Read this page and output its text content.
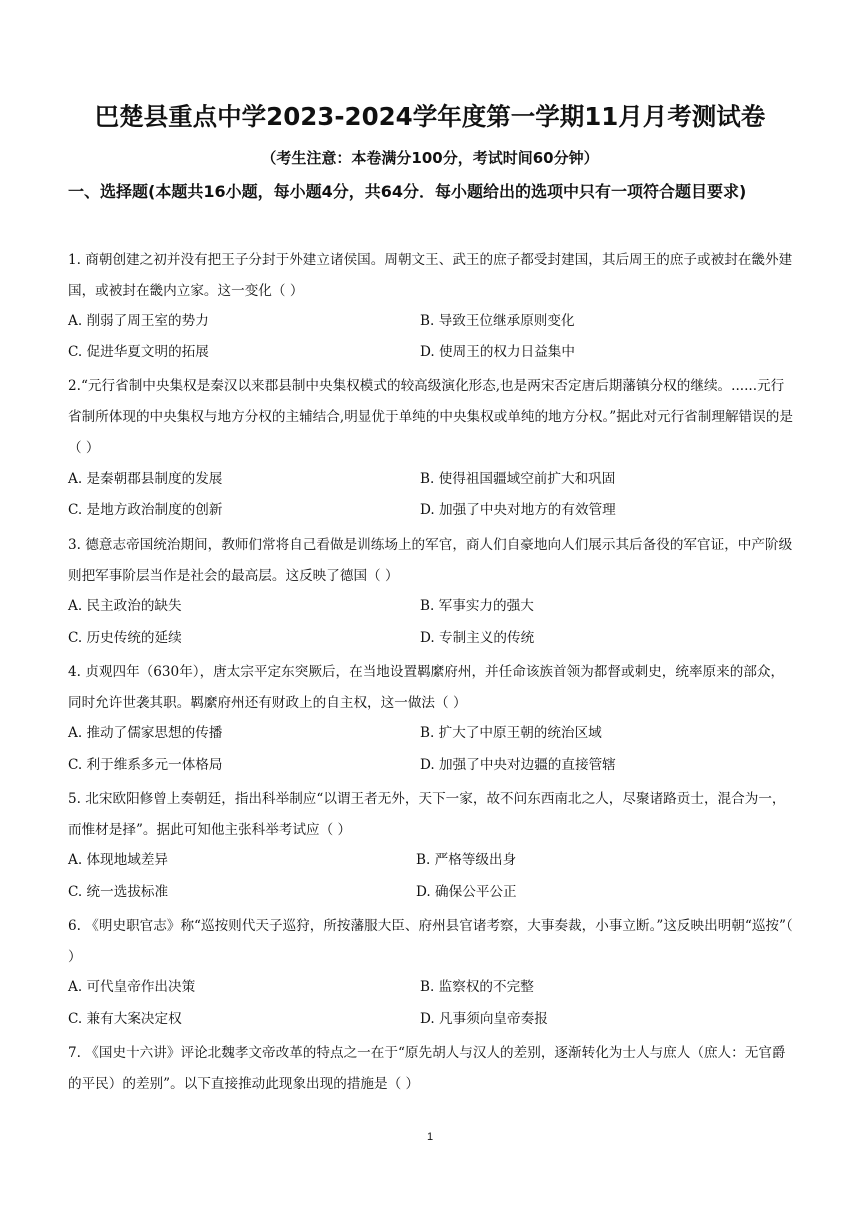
巴楚县重点中学2023-2024学年度第一学期11月月考测试卷
（考生注意：本卷满分100分，考试时间60分钟）
一、选择题(本题共16小题，每小题4分，共64分．每小题给出的选项中只有一项符合题目要求)
1. 商朝创建之初并没有把王子分封于外建立诸侯国。周朝文王、武王的庶子都受封建国，其后周王的庶子或被封在畿外建国，或被封在畿内立家。这一变化（ ）
A. 削弱了周王室的势力	B. 导致王位继承原则变化
C. 促进华夏文明的拓展	D. 使周王的权力日益集中
2.“元行省制中央集权是秦汉以来郡县制中央集权模式的较高级演化形态,也是两宋否定唐后期藩镇分权的继续。......元行省制所体现的中央集权与地方分权的主辅结合,明显优于单纯的中央集权或单纯的地方分权。”据此对元行省制理解错误的是（ ）
A. 是秦朝郡县制度的发展	B. 使得祖国疆域空前扩大和巩固
C. 是地方政治制度的创新	D. 加强了中央对地方的有效管理
3. 德意志帝国统治期间，教师们常将自己看做是训练场上的军官，商人们自豪地向人们展示其后备役的军官证，中产阶级则把军事阶层当作是社会的最高层。这反映了德国（ ）
A. 民主政治的缺失	B. 军事实力的强大
C. 历史传统的延续	D. 专制主义的传统
4. 贞观四年（630年），唐太宗平定东突厥后，在当地设置羁縻府州，并任命该族首领为都督或刺史，统率原来的部众，同时允许世袭其职。羁縻府州还有财政上的自主权，这一做法（ ）
A. 推动了儒家思想的传播	B. 扩大了中原王朝的统治区域
C. 利于维系多元一体格局	D. 加强了中央对边疆的直接管辖
5. 北宋欧阳修曾上奏朝廷，指出科举制应“以谓王者无外，天下一家，故不问东西南北之人，尽聚诸路贡士，混合为一，而惟材是择”。据此可知他主张科举考试应（ ）
A. 体现地域差异	B. 严格等级出身
C. 统一选拔标准	D. 确保公平公正
6. 《明史职官志》称“巡按则代天子巡狩，所按藩服大臣、府州县官诸考察，大事奏裁，小事立断。”这反映出明朝“巡按”（ ）
A. 可代皇帝作出决策	B. 监察权的不完整
C. 兼有大案决定权	D. 凡事须向皇帝奏报
7. 《国史十六讲》评论北魏孝文帝改革的特点之一在于“原先胡人与汉人的差别，逐渐转化为士人与庶人（庶人：无官爵的平民）的差别”。以下直接推动此现象出现的措施是（ ）
1
